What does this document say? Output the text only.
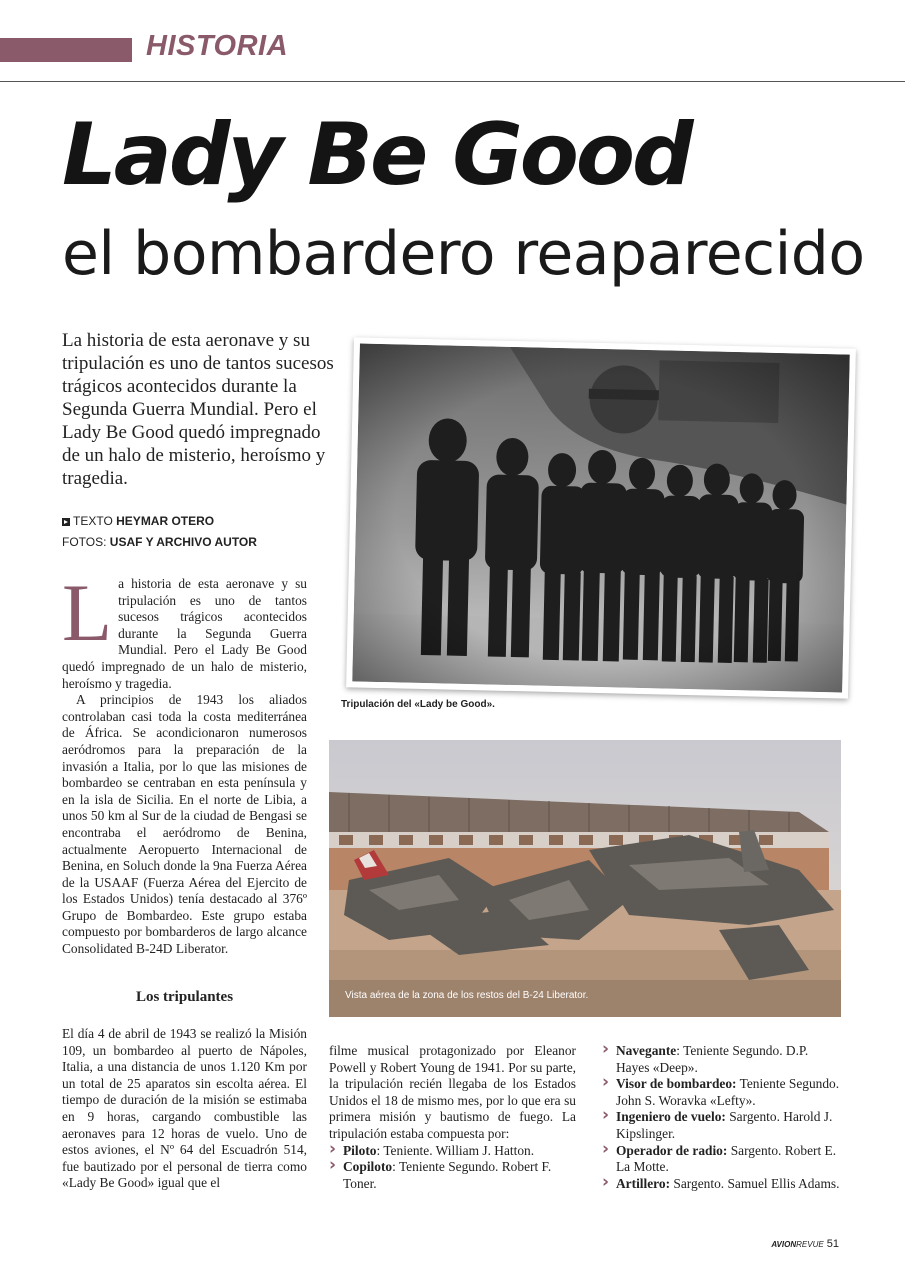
HISTORIA
Lady Be Good
el bombardero reaparecido
La historia de esta aeronave y su tripulación es uno de tantos sucesos trágicos acontecidos durante la Segunda Guerra Mundial. Pero el Lady Be Good quedó impregnado de un halo de misterio, heroísmo y tragedia.
TEXTO HEYMAR OTERO
FOTOS: USAF Y ARCHIVO AUTOR

La historia de esta aeronave y su tripulación es uno de tantos sucesos trágicos acontecidos durante la Segunda Guerra Mundial. Pero el Lady Be Good quedó impregnado de un halo de misterio, heroísmo y tragedia.

A principios de 1943 los aliados controlaban casi toda la costa mediterránea de África. Se acondicionaron numerosos aeródromos para la preparación de la invasión a Italia, por lo que las misiones de bombardeo se centraban en esta península y en la isla de Sicilia. En el norte de Libia, a unos 50 km al Sur de la ciudad de Bengasi se encontraba el aeródromo de Benina, actualmente Aeropuerto Internacional de Benina, en Soluch donde la 9na Fuerza Aérea de la USAAF (Fuerza Aérea del Ejercito de los Estados Unidos) tenía destacado al 376º Grupo de Bombardeo. Este grupo estaba compuesto por bombarderos de largo alcance Consolidated B-24D Liberator.

Los tripulantes

El día 4 de abril de 1943 se realizó la Misión 109, un bombardeo al puerto de Nápoles, Italia, a una distancia de unos 1.120 Km por un total de 25 aparatos sin escolta aérea. El tiempo de duración de la misión se estimaba en 9 horas, cargando combustible las aeronaves para 12 horas de vuelo. Uno de estos aviones, el Nº 64 del Escuadrón 514, fue bautizado por el personal de tierra como «Lady Be Good» igual que el

filme musical protagonizado por Eleanor Powell y Robert Young de 1941. Por su parte, la tripulación recién llegaba de los Estados Unidos el 18 de mismo mes, por lo que era su primera misión y bautismo de fuego. La tripulación estaba compuesta por:

› Piloto: Teniente. William J. Hatton.
› Copiloto: Teniente Segundo. Robert F. Toner.
› Navegante: Teniente Segundo. D.P. Hayes «Deep».
› Visor de bombardeo: Teniente Segundo. John S. Woravka «Lefty».
› Ingeniero de vuelo: Sargento. Harold J. Kipslinger.
› Operador de radio: Sargento. Robert E. La Motte.
› Artillero: Sargento. Samuel Ellis Adams.
Tripulación del «Lady be Good».
Vista aérea de la zona de los restos del B-24 Liberator.
AVIONREVUE 51
